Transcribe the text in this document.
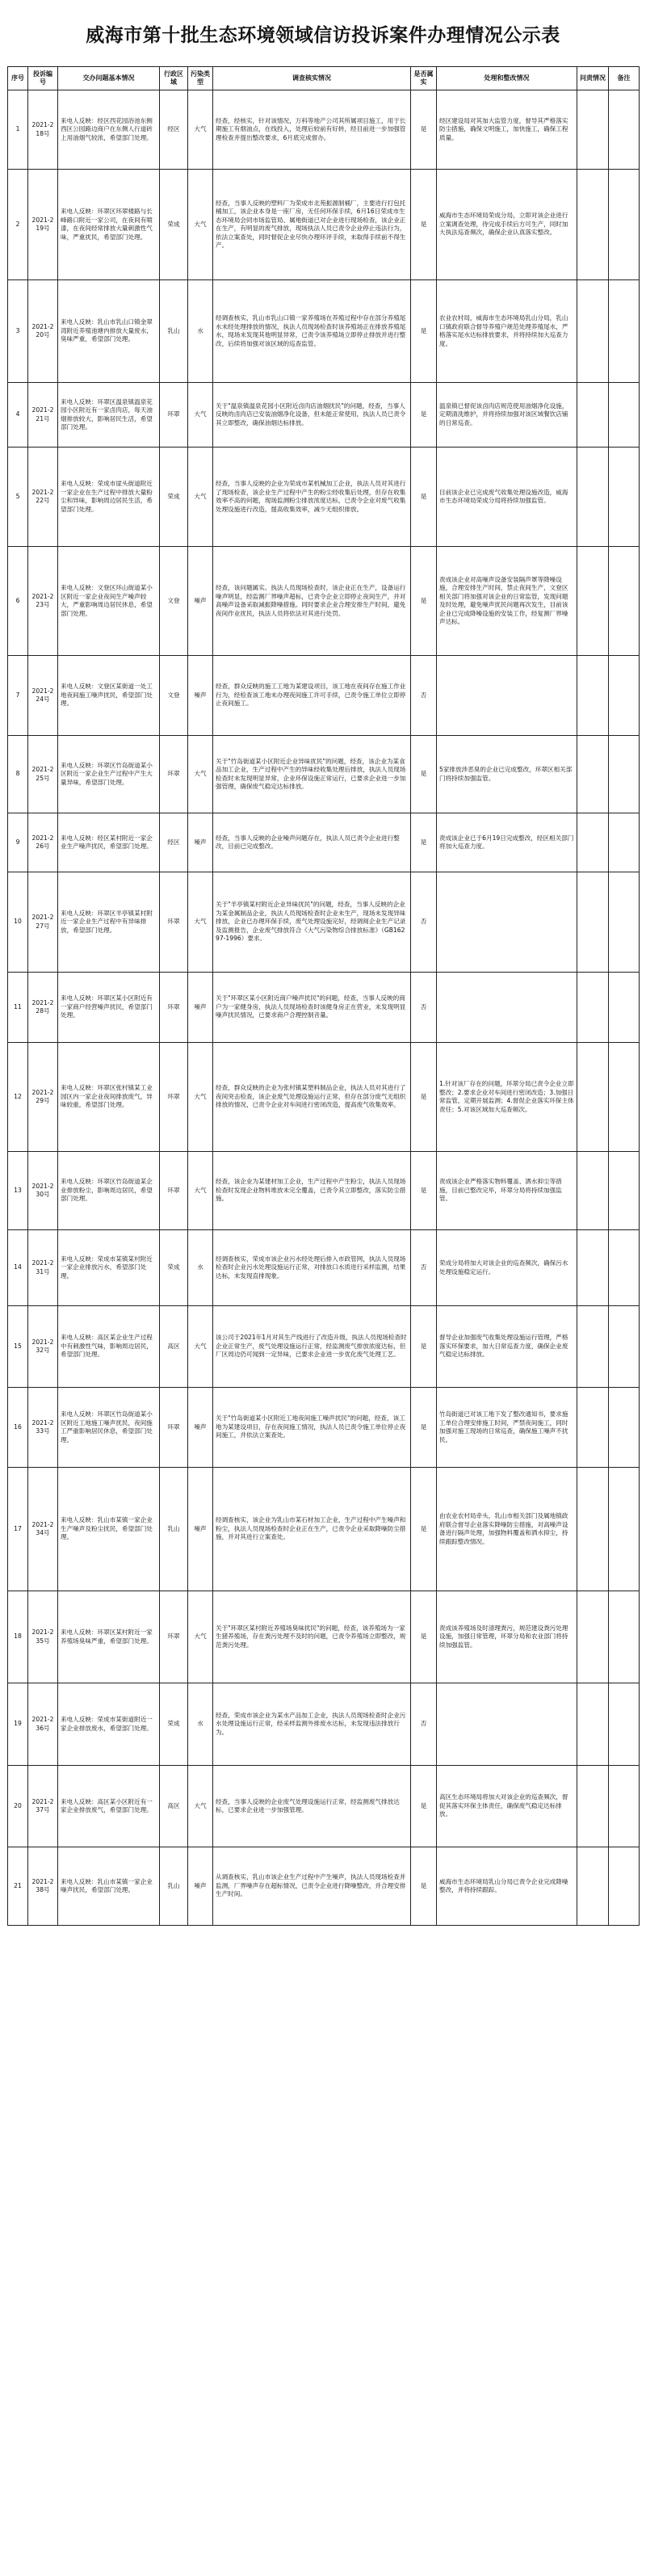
威海市第十批生态环境领域信访投诉案件办理情况公示表
序号	投诉编号	交办问题基本情况	行政区域	污染类型	调查核实情况	是否属实	处理和整改情况	问责情况	备注
1	2021-218号	来电人反映：经区西花园浴池东侧西区公园路边商户在东侧人行道砖上用油烟气较浓，希望部门处理。	经区	大气	经查，经核实，针对该情况，万科等地产公司其所属项目施工，用于长期施工有烟油点，在线投入，处理后较前有好转，经目前进一步加强管理检查并提出整改要求，6月底完成督办。	是	经区建设局对其加大监管力度，督导其严格落实防尘措施，确保文明施工，加快施工，确保工程质量。		
2	2021-219号	来电人反映：环翠区环翠楼路与长峰路口附近一家公司，在夜间有喷漆，在夜间经常排放大量刺激性气味，严重扰民，希望部门处理。	荣成	大气	经查，当事人反映的塑料厂为荣成市北苑振源制桶厂，主要进行打包托桶加工，该企业本身是一座厂房，无任何环保手续，6月16日荣成市生态环境局会同市场监管局、属地街道已对企业进行现场检查，该企业正在生产，有明显的废气排放，现场执法人员已责令企业停止违法行为，依法立案查处，同时督促企业尽快办理环评手续，未取得手续前不得生产。	是	威海市生态环境局荣成分局，立即对该企业进行立案调查处理，待完成手续后方可生产，同时加大执法巡查频次，确保企业认真落实整改。		
3	2021-220号	来电人反映：乳山市乳山口镇金翠湾附近养殖池塘内排放大量废水，臭味严重，希望部门处理。	乳山	水	经调查核实，乳山市乳山口镇一家养殖场在养殖过程中存在部分养殖尾水未经处理排放的情况，执法人员现场检查时该养殖场正在排放养殖尾水，现场未发现其他明显异常，已责令该养殖场立即停止排放并进行整改，后续将加强对该区域的巡查监管。	是	农业农村局，威海市生态环境局乳山分局，乳山口镇政府联合督导养殖户规范处理养殖尾水，严格落实尾水达标排放要求，并将持续加大巡查力度。		
4	2021-221号	来电人反映：环翠区温泉镇温泉花园小区附近有一家卤肉店，每天油烟排放较大，影响居民生活，希望部门处理。	环翠	大气	关于"温泉镇温泉花园小区附近卤肉店油烟扰民"的问题，经查，当事人反映的卤肉店已安装油烟净化设备，但未能正常使用，执法人员已责令其立即整改，确保油烟达标排放。	是	温泉镇已督促该卤肉店规范使用油烟净化设施，定期清洗维护，并将持续加强对该区域餐饮店铺的日常巡查。		
5	2021-222号	来电人反映：荣成市崖头街道附近一家企业在生产过程中排放大量粉尘和异味，影响周边居民生活，希望部门处理。	荣成	大气	经查，当事人反映的企业为荣成市某机械加工企业，执法人员对其进行了现场检查，该企业生产过程中产生的粉尘经收集后处理，但存在收集效率不高的问题，现场监测粉尘排放浓度达标，已责令企业对废气收集处理设施进行改造，提高收集效率，减少无组织排放。	是	目前该企业已完成废气收集处理设施改造，威海市生态环境局荣成分局将持续加强监管。		
6	2021-223号	来电人反映：文登区环山街道某小区附近一家企业夜间生产噪声较大，严重影响周边居民休息，希望部门处理。	文登	噪声	经查，该问题属实。执法人员现场检查时，该企业正在生产，设备运行噪声明显，经监测厂界噪声超标，已责令企业立即停止夜间生产，并对高噪声设备采取减振降噪措施。同时要求企业合理安排生产时间，避免夜间作业扰民，执法人员将依法对其进行处罚。	是	责成该企业对高噪声设备安装隔声罩等降噪设施，合理安排生产时间，禁止夜间生产，文登区相关部门将加强对该企业的日常监管，发现问题及时处理，避免噪声扰民问题再次发生，目前该企业已完成降噪设施的安装工作，经复测厂界噪声达标。		
7	2021-224号	来电人反映：文登区某街道一处工地夜间施工噪声扰民，希望部门处理。	文登	噪声	经查，群众反映的施工工地为某建设项目，该工地在夜间存在施工作业行为，经检查该工地未办理夜间施工许可手续，已责令施工单位立即停止夜间施工。	否			
8	2021-225号	来电人反映：环翠区竹岛街道某小区附近一家企业生产过程中产生大量异味，希望部门处理。	环翠	大气	关于"竹岛街道某小区附近企业异味扰民"的问题，经查，该企业为某食品加工企业，生产过程中产生的异味经收集处理后排放，执法人员现场检查时未发现明显异常，企业环保设施正常运行，已要求企业进一步加强管理，确保废气稳定达标排放。	是	5家排放涉恶臭的企业已完成整改，环翠区相关部门将持续加强监管。		
9	2021-226号	来电人反映：经区某村附近一家企业生产噪声扰民，希望部门处理。	经区	噪声	经查，当事人反映的企业噪声问题存在，执法人员已责令企业进行整改，目前已完成整改。	是	责成该企业已于6月19日完成整改，经区相关部门将加大巡查力度。		
10	2021-227号	来电人反映：环翠区羊亭镇某村附近一家企业生产过程中有异味排放，希望部门处理。	环翠	大气	关于"羊亭镇某村附近企业异味扰民"的问题，经查，当事人反映的企业为某金属制品企业，执法人员现场检查时企业未生产，现场未发现异味排放，企业已办理环保手续，废气处理设施完好，经调阅企业生产记录及监测报告，企业废气排放符合《大气污染物综合排放标准》（GB16297-1996）要求。	否			
11	2021-228号	来电人反映：环翠区某小区附近有一家商户经营噪声扰民，希望部门处理。	环翠	噪声	关于"环翠区某小区附近商户噪声扰民"的问题，经查，当事人反映的商户为一家健身房，执法人员现场检查时该健身房正在营业，未发现明显噪声扰民情况，已要求商户合理控制音量。	否			
12	2021-229号	来电人反映：环翠区张村镇某工业园区内一家企业夜间排放废气，异味较重，希望部门处理。	环翠	大气	经查，群众反映的企业为张村镇某塑料制品企业，执法人员对其进行了夜间突击检查，该企业废气处理设施运行正常，但存在部分废气无组织排放的情况，已责令企业对车间进行密闭改造，提高废气收集效率。	是	1.针对该厂存在的问题，环翠分局已责令企业立即整改；2.要求企业对车间进行密闭改造；3.加强日常监管，定期开展监测；4.督促企业落实环保主体责任；5.对该区域加大巡查频次。		
13	2021-230号	来电人反映：环翠区竹岛街道某企业排放粉尘，影响周边居民，希望部门处理。	环翠	大气	经查，该企业为某建材加工企业，生产过程中产生粉尘，执法人员现场检查时发现企业物料堆放未完全覆盖，已责令其立即整改，落实防尘措施。	是	责成该企业严格落实物料覆盖、洒水抑尘等措施，目前已整改完毕，环翠分局将持续加强监管。		
14	2021-231号	来电人反映：荣成市某镇某村附近一家企业排放污水，希望部门处理。	荣成	水	经调查核实，荣成市该企业污水经处理后排入市政管网，执法人员现场检查时企业污水处理设施运行正常，对排放口水质进行采样监测，结果达标，未发现直排现象。	否	荣成分局将加大对该企业的巡查频次，确保污水处理设施稳定运行。		
15	2021-232号	来电人反映：高区某企业生产过程中有刺激性气味，影响周边居民，希望部门处理。	高区	大气	该公司于2021年1月对其生产线进行了改造升级，执法人员现场检查时企业正常生产，废气处理设施运行正常，经监测废气排放浓度达标，但厂区周边仍可闻到一定异味，已要求企业进一步优化废气处理工艺。	是	督导企业加强废气收集处理设施运行管理，严格落实环保要求，加大日常巡查力度，确保企业废气稳定达标排放。		
16	2021-233号	来电人反映：环翠区竹岛街道某小区附近工地施工噪声扰民，夜间施工严重影响居民休息，希望部门处理。	环翠	噪声	关于"竹岛街道某小区附近工地夜间施工噪声扰民"的问题，经查，该工地为某建设项目，存在夜间施工情况，执法人员已责令施工单位停止夜间施工，并依法立案查处。	是	竹岛街道已对该工地下发了整改通知书，要求施工单位合理安排施工时间，严禁夜间施工，同时加强对施工现场的日常巡查，确保施工噪声不扰民。		
17	2021-234号	来电人反映：乳山市某镇一家企业生产噪声及粉尘扰民，希望部门处理。	乳山	噪声	经调查核实，该企业为乳山市某石材加工企业，生产过程中产生噪声和粉尘，执法人员现场检查时企业正在生产，已责令企业采取降噪防尘措施，并对其进行立案查处。	是	由农业农村局牵头，乳山市相关部门及属地镇政府联合督导企业落实降噪防尘措施，对高噪声设备进行隔声处理，加强物料覆盖和洒水抑尘，持续跟踪整改情况。		
18	2021-235号	来电人反映：环翠区某村附近一家养殖场臭味严重，希望部门处理。	环翠	大气	关于"环翠区某村附近养殖场臭味扰民"的问题，经查，该养殖场为一家生猪养殖场，存在粪污处理不及时的问题，已责令养殖场立即整改，规范粪污处理。	是	责成该养殖场及时清理粪污，规范建设粪污处理设施，加强日常管理，环翠分局和农业部门将持续加强监管。		
19	2021-236号	来电人反映：荣成市某街道附近一家企业排放废水，希望部门处理。	荣成	水	经查，荣成市该企业为某水产品加工企业，执法人员现场检查时企业污水处理设施运行正常，经采样监测外排废水达标，未发现违法排放行为。	否			
20	2021-237号	来电人反映：高区某小区附近有一家企业排放废气，希望部门处理。	高区	大气	经查，当事人反映的企业废气处理设施运行正常，经监测废气排放达标，已要求企业进一步加强管理。	是	高区生态环境局将加大对该企业的巡查频次，督促其落实环保主体责任，确保废气稳定达标排放。		
21	2021-238号	来电人反映：乳山市某镇一家企业噪声扰民，希望部门处理。	乳山	噪声	从调查核实，乳山市该企业生产过程中产生噪声，执法人员现场检查并监测，厂界噪声存在超标情况，已责令企业进行降噪整改，并合理安排生产时间。	是	威海市生态环境局乳山分局已责令企业完成降噪整改，并将持续跟踪。		
